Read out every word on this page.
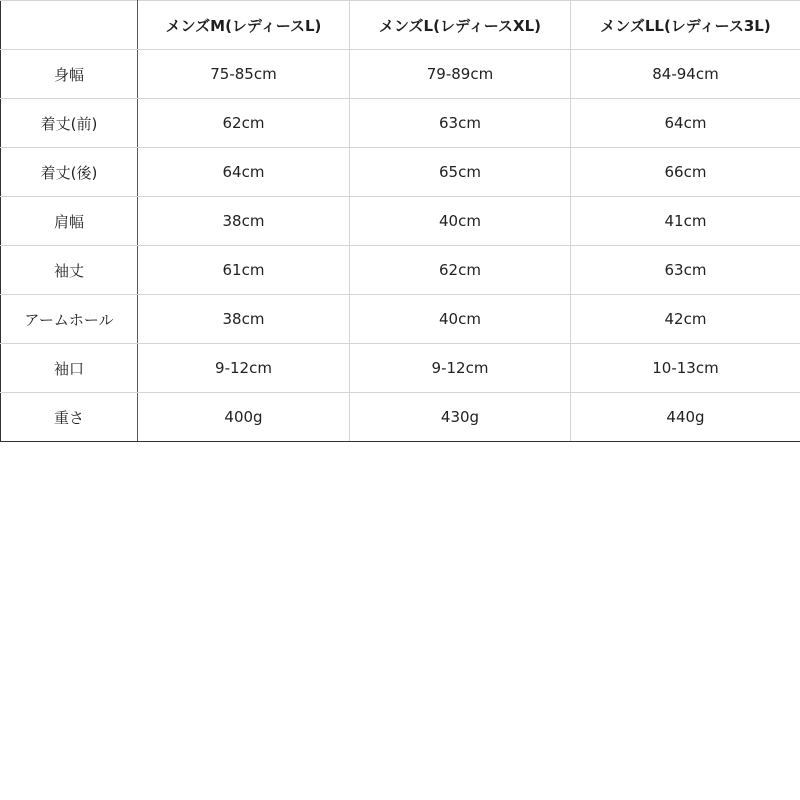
	メンズM(レディースL)	メンズL(レディースXL)	メンズLL(レディース3L)
身幅	75-85cm	79-89cm	84-94cm
着丈(前)	62cm	63cm	64cm
着丈(後)	64cm	65cm	66cm
肩幅	38cm	40cm	41cm
袖丈	61cm	62cm	63cm
アームホール	38cm	40cm	42cm
袖口	9-12cm	9-12cm	10-13cm
重さ	400g	430g	440g
